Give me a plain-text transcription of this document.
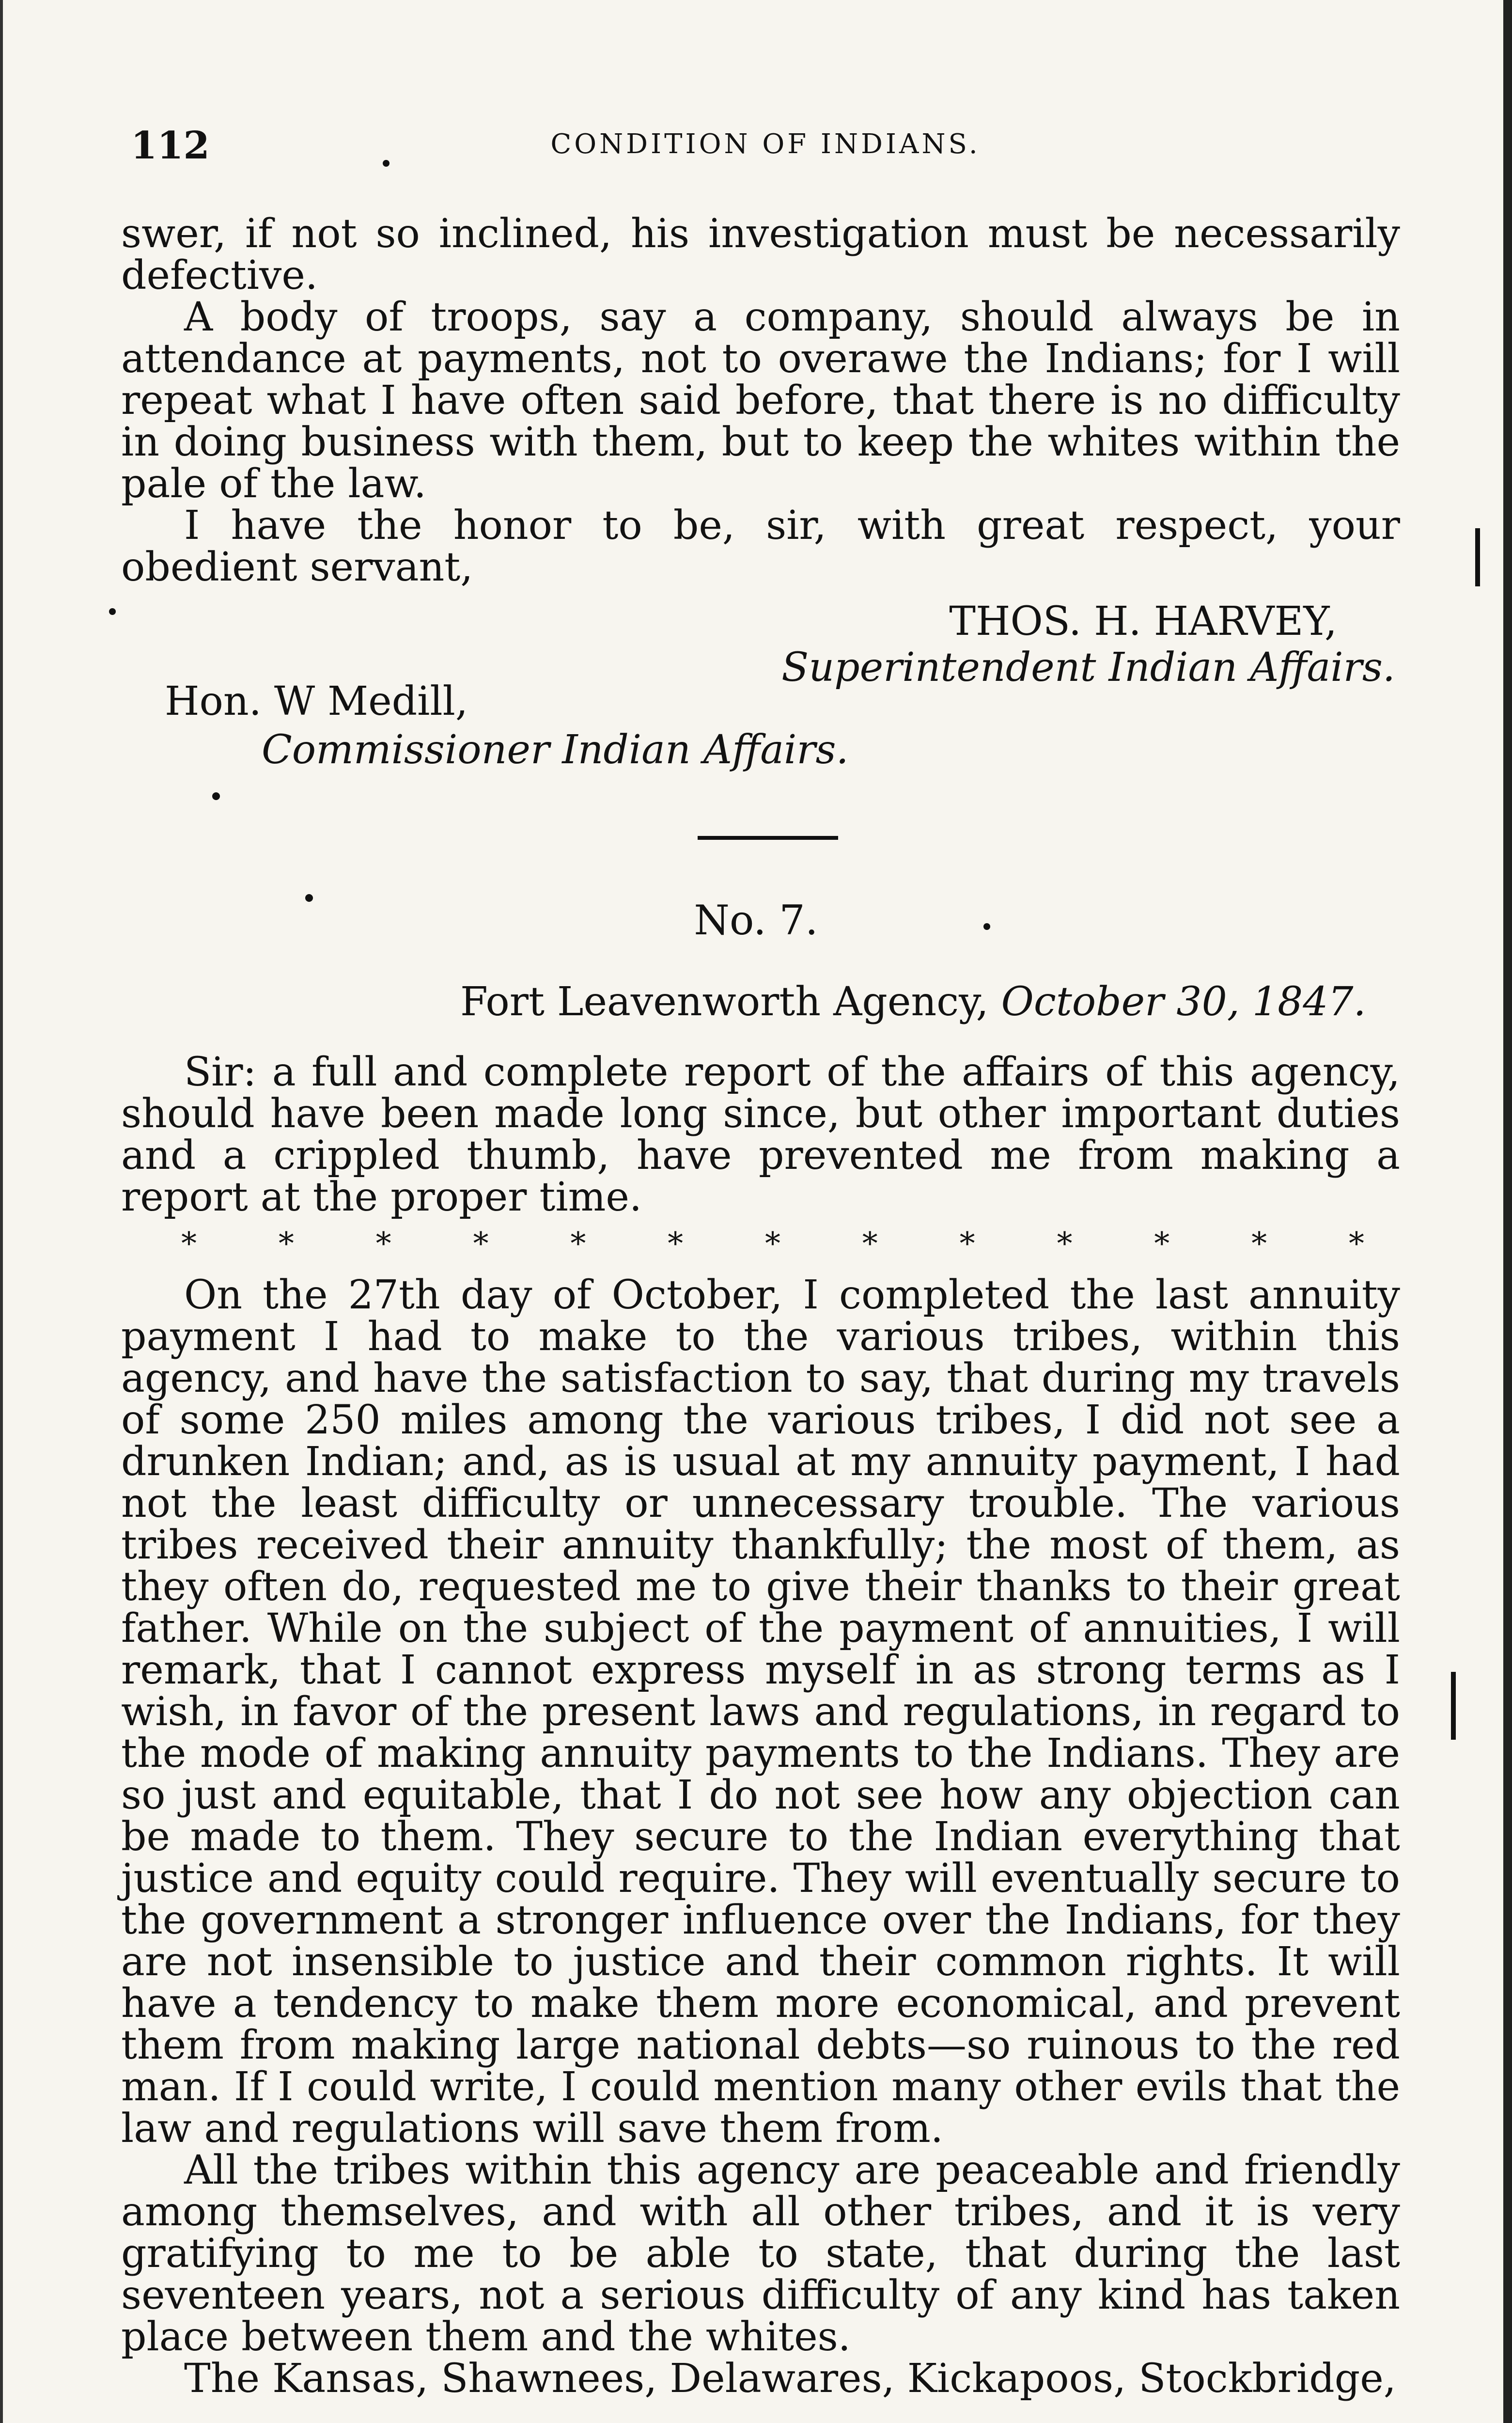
112	CONDITION OF INDIANS.

swer, if not so inclined, his investigation must be necessarily defective.

A body of troops, say a company, should always be in attendance at payments, not to overawe the Indians; for I will repeat what I have often said before, that there is no difficulty in doing business with them, but to keep the whites within the pale of the law.

I have the honor to be, sir, with great respect, your obedient servant,

THOS. H. HARVEY,
Superintendent Indian Affairs.
Hon. W Medill,
Commissioner Indian Affairs.
No. 7.
Fort Leavenworth Agency, October 30, 1847.

Sir: a full and complete report of the affairs of this agency, should have been made long since, but other important duties and a crippled thumb, have prevented me from making a report at the proper time.

*	*	*	*	*	*	*	*	*	*	*	*	*

On the 27th day of October, I completed the last annuity payment I had to make to the various tribes, within this agency, and have the satisfaction to say, that during my travels of some 250 miles among the various tribes, I did not see a drunken Indian; and, as is usual at my annuity payment, I had not the least difficulty or unnecessary trouble. The various tribes received their annuity thankfully; the most of them, as they often do, requested me to give their thanks to their great father. While on the subject of the payment of annuities, I will remark, that I cannot express myself in as strong terms as I wish, in favor of the present laws and regulations, in regard to the mode of making annuity payments to the Indians. They are so just and equitable, that I do not see how any objection can be made to them. They secure to the Indian everything that justice and equity could require. They will eventually secure to the government a stronger influence over the Indians, for they are not insensible to justice and their common rights. It will have a tendency to make them more economical, and prevent them from making large national debts—so ruinous to the red man. If I could write, I could mention many other evils that the law and regulations will save them from.

All the tribes within this agency are peaceable and friendly among themselves, and with all other tribes, and it is very gratifying to me to be able to state, that during the last seventeen years, not a serious difficulty of any kind has taken place between them and the whites.

The Kansas, Shawnees, Delawares, Kickapoos, Stockbridge,
